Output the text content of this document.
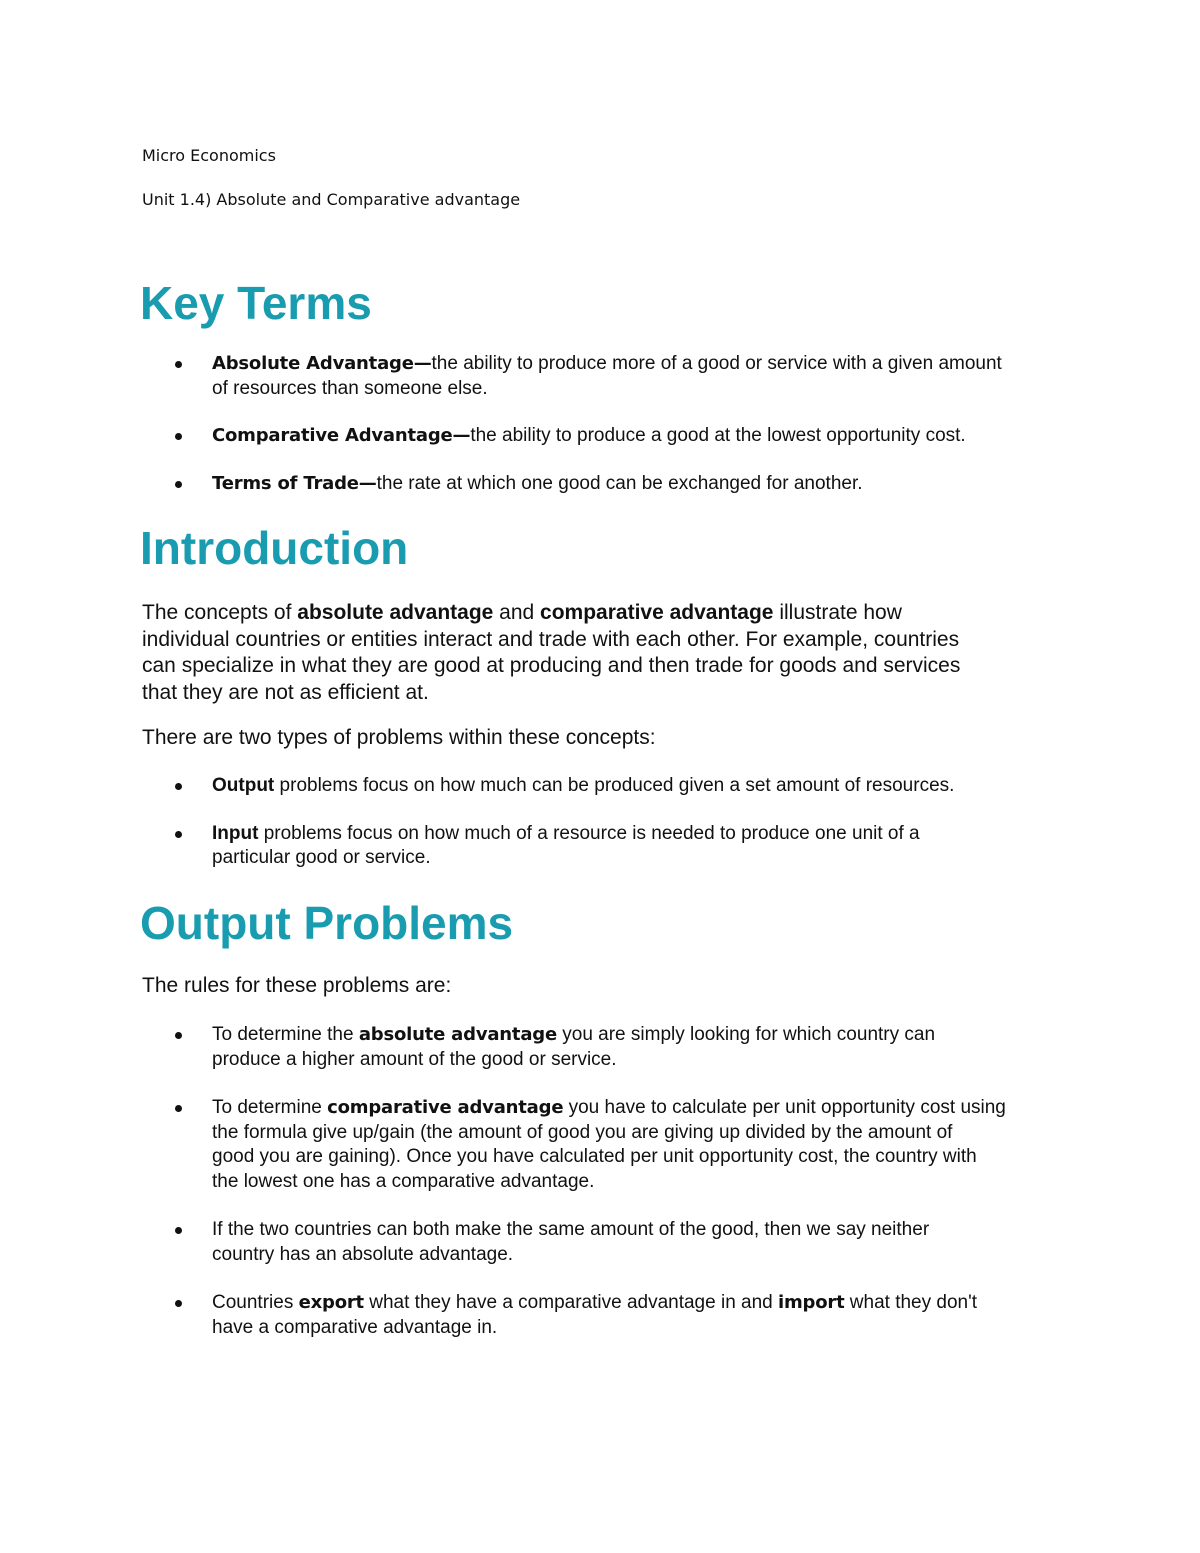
Micro Economics

Unit 1.4) Absolute and Comparative advantage

Key Terms
Absolute Advantage—the ability to produce more of a good or service with a given amount
of resources than someone else.
Comparative Advantage—the ability to produce a good at the lowest opportunity cost.
Terms of Trade—the rate at which one good can be exchanged for another.
Introduction

The concepts of absolute advantage and comparative advantage illustrate how
individual countries or entities interact and trade with each other. For example, countries
can specialize in what they are good at producing and then trade for goods and services
that they are not as efficient at.

There are two types of problems within these concepts:

Output problems focus on how much can be produced given a set amount of resources.
Input problems focus on how much of a resource is needed to produce one unit of a
particular good or service.
Output Problems

The rules for these problems are:

To determine the absolute advantage you are simply looking for which country can
produce a higher amount of the good or service.
To determine comparative advantage you have to calculate per unit opportunity cost using
the formula give up/gain (the amount of good you are giving up divided by the amount of
good you are gaining). Once you have calculated per unit opportunity cost, the country with
the lowest one has a comparative advantage.
If the two countries can both make the same amount of the good, then we say neither
country has an absolute advantage.
Countries export what they have a comparative advantage in and import what they don't
have a comparative advantage in.
